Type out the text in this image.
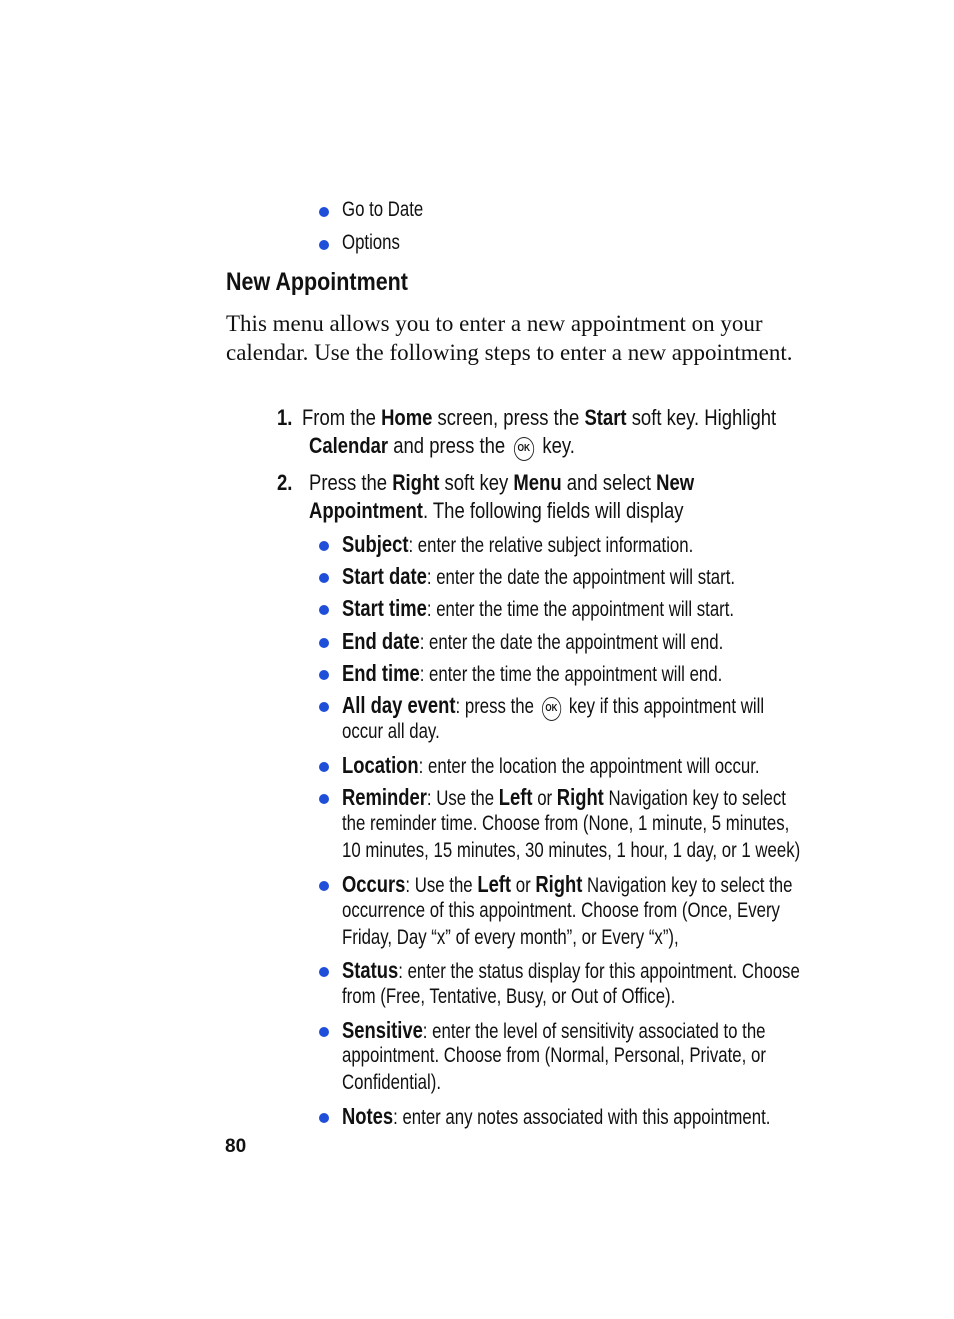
Go to Date
Options
New Appointment
This menu allows you to enter a new appointment on your calendar. Use the following steps to enter a new appointment.
1. From the Home screen, press the Start soft key. Highlight
Calendar and press the OK key.
2. Press the Right soft key Menu and select New
Appointment. The following fields will display
Subject: enter the relative subject information.
Start date: enter the date the appointment will start.
Start time: enter the time the appointment will start.
End date: enter the date the appointment will end.
End time: enter the time the appointment will end.
All day event: press the OK key if this appointment will
occur all day.
Location: enter the location the appointment will occur.
Reminder: Use the Left or Right Navigation key to select
the reminder time. Choose from (None, 1 minute, 5 minutes,
10 minutes, 15 minutes, 30 minutes, 1 hour, 1 day, or 1 week)
Occurs: Use the Left or Right Navigation key to select the
occurrence of this appointment. Choose from (Once, Every
Friday, Day “x” of every month”, or Every “x”),
Status: enter the status display for this appointment. Choose
from (Free, Tentative, Busy, or Out of Office).
Sensitive: enter the level of sensitivity associated to the
appointment. Choose from (Normal, Personal, Private, or
Confidential).
Notes: enter any notes associated with this appointment.
80
